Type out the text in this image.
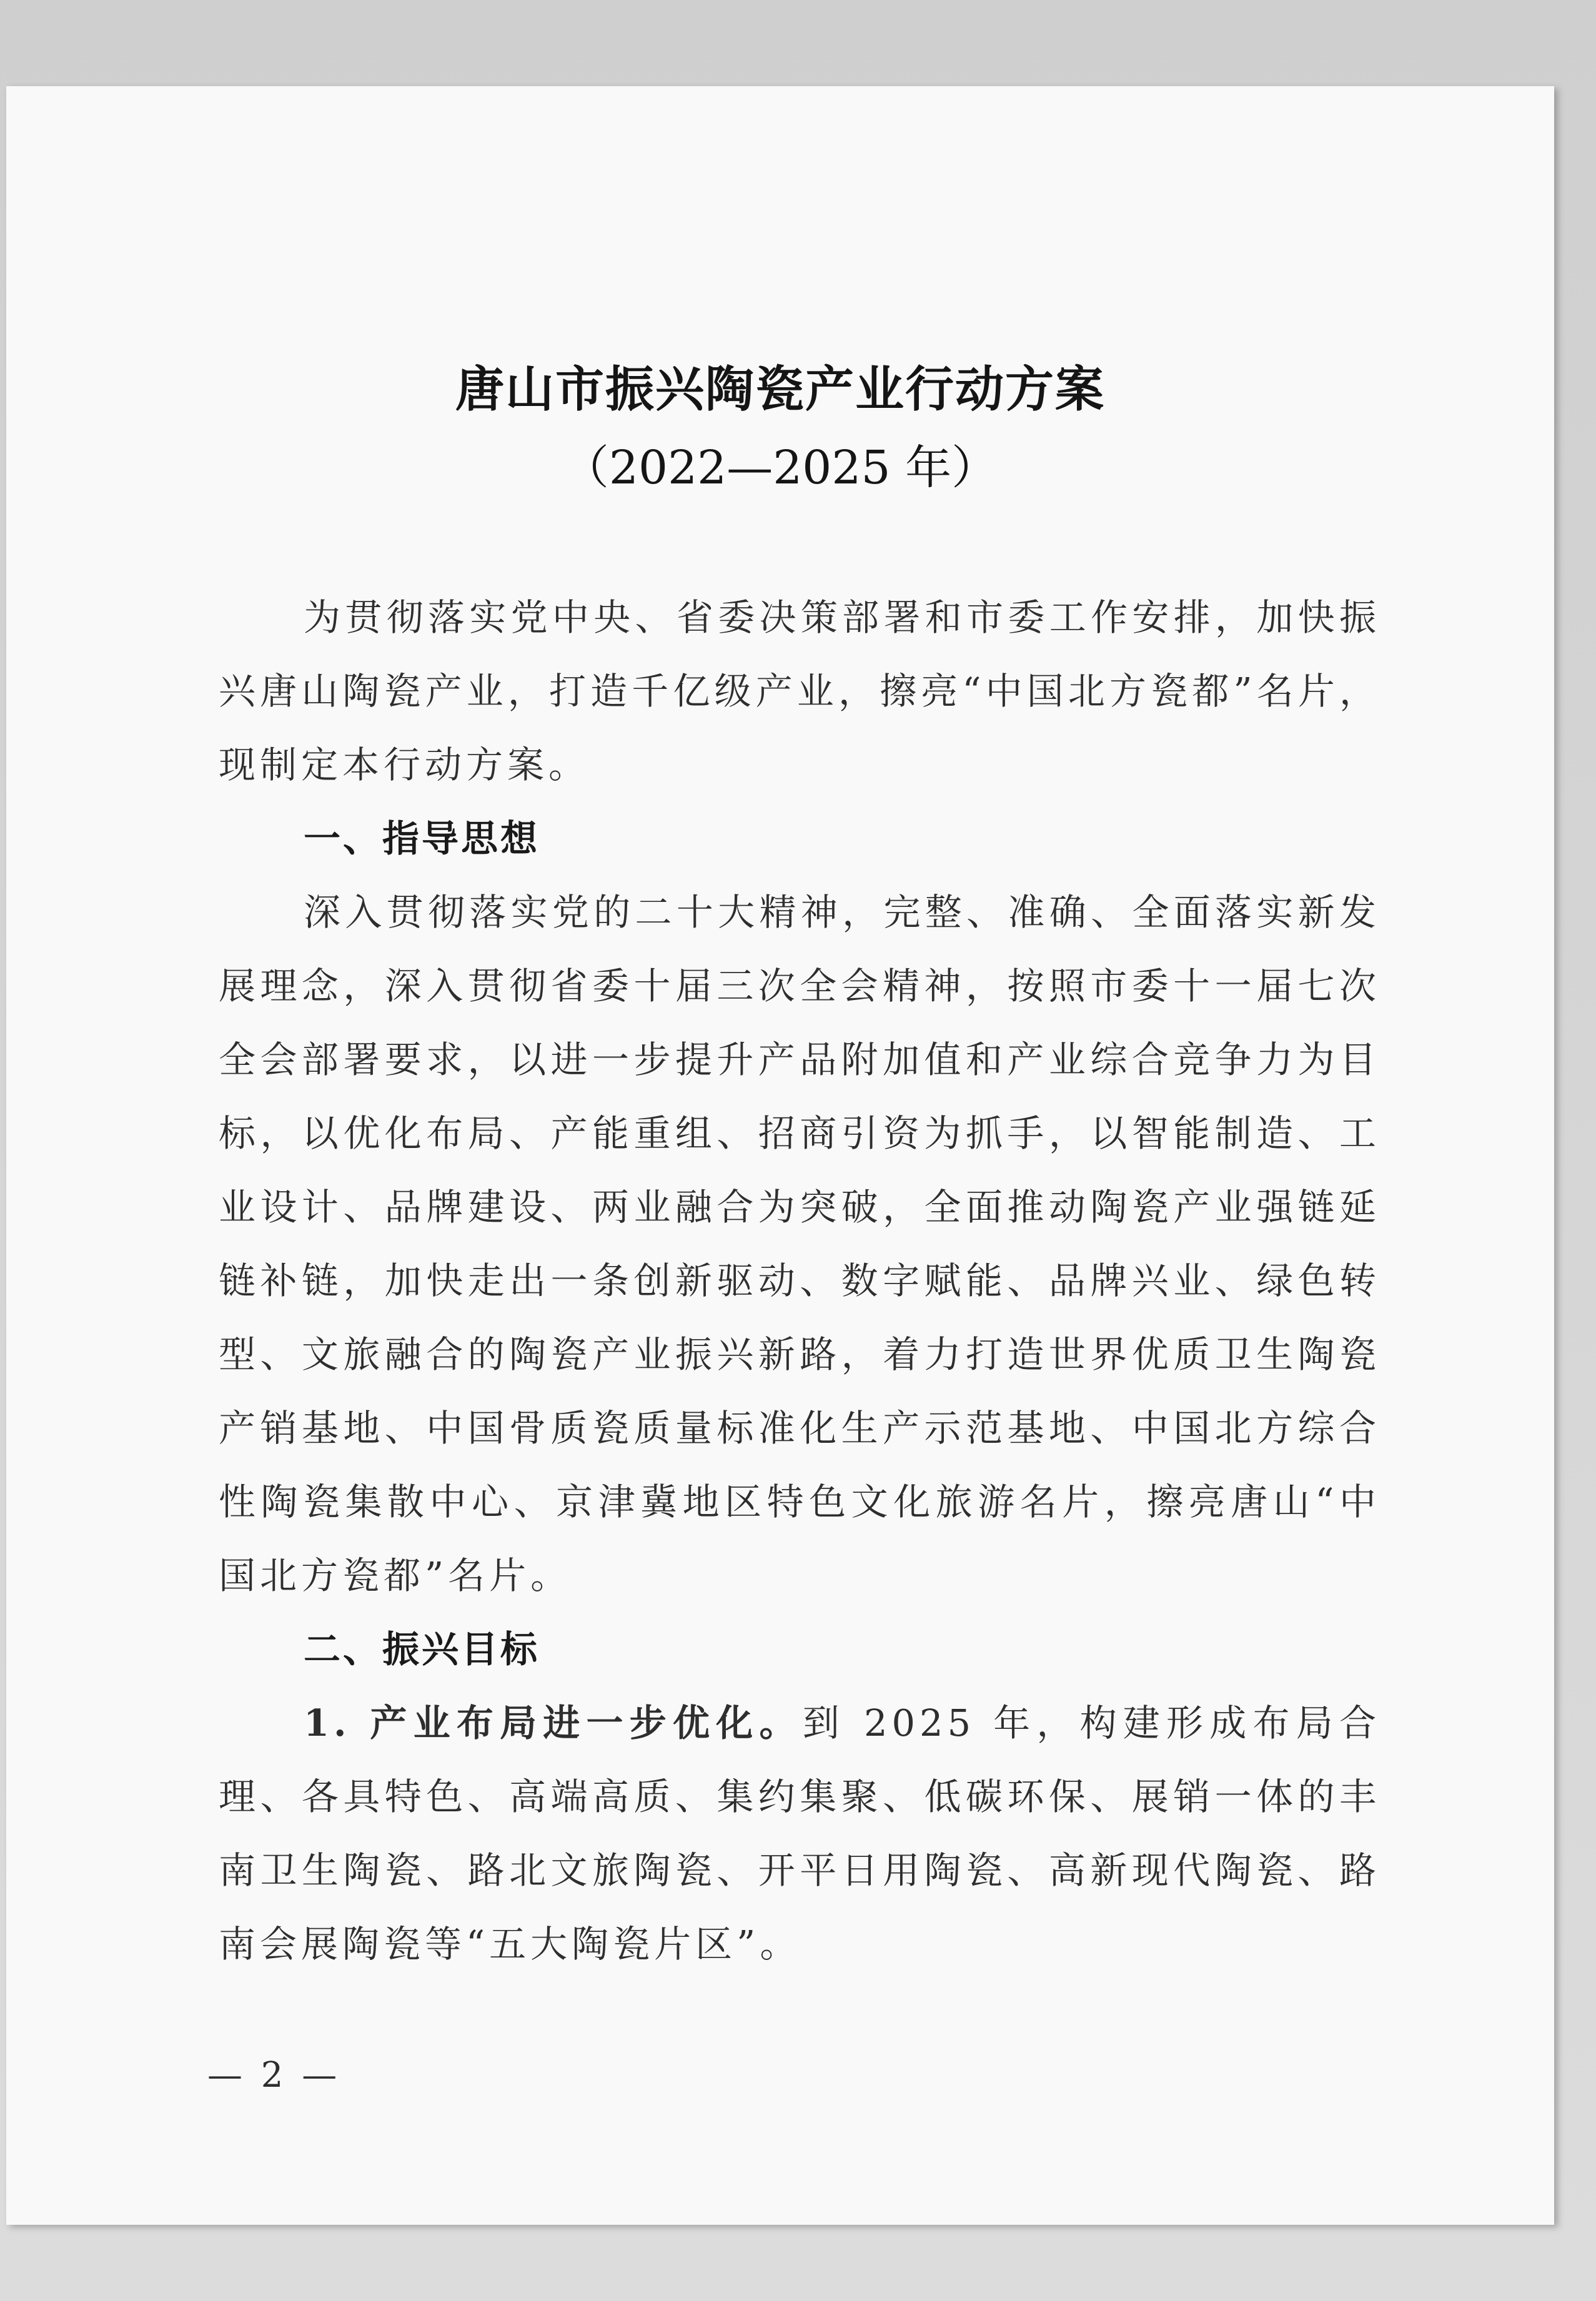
唐山市振兴陶瓷产业行动方案
（2022—2025 年）
为贯彻落实党中央、省委决策部署和市委工作安排，加快振兴唐山陶瓷产业，打造千亿级产业，擦亮“中国北方瓷都”名片，现制定本行动方案。
一、指导思想
深入贯彻落实党的二十大精神，完整、准确、全面落实新发展理念，深入贯彻省委十届三次全会精神，按照市委十一届七次全会部署要求，以进一步提升产品附加值和产业综合竞争力为目标，以优化布局、产能重组、招商引资为抓手，以智能制造、工业设计、品牌建设、两业融合为突破，全面推动陶瓷产业强链延链补链，加快走出一条创新驱动、数字赋能、品牌兴业、绿色转型、文旅融合的陶瓷产业振兴新路，着力打造世界优质卫生陶瓷产销基地、中国骨质瓷质量标准化生产示范基地、中国北方综合性陶瓷集散中心、京津冀地区特色文化旅游名片，擦亮唐山“中国北方瓷都”名片。
二、振兴目标
1. 产业布局进一步优化。到 2025 年，构建形成布局合理、各具特色、高端高质、集约集聚、低碳环保、展销一体的丰南卫生陶瓷、路北文旅陶瓷、开平日用陶瓷、高新现代陶瓷、路南会展陶瓷等“五大陶瓷片区”。
— 2 —
